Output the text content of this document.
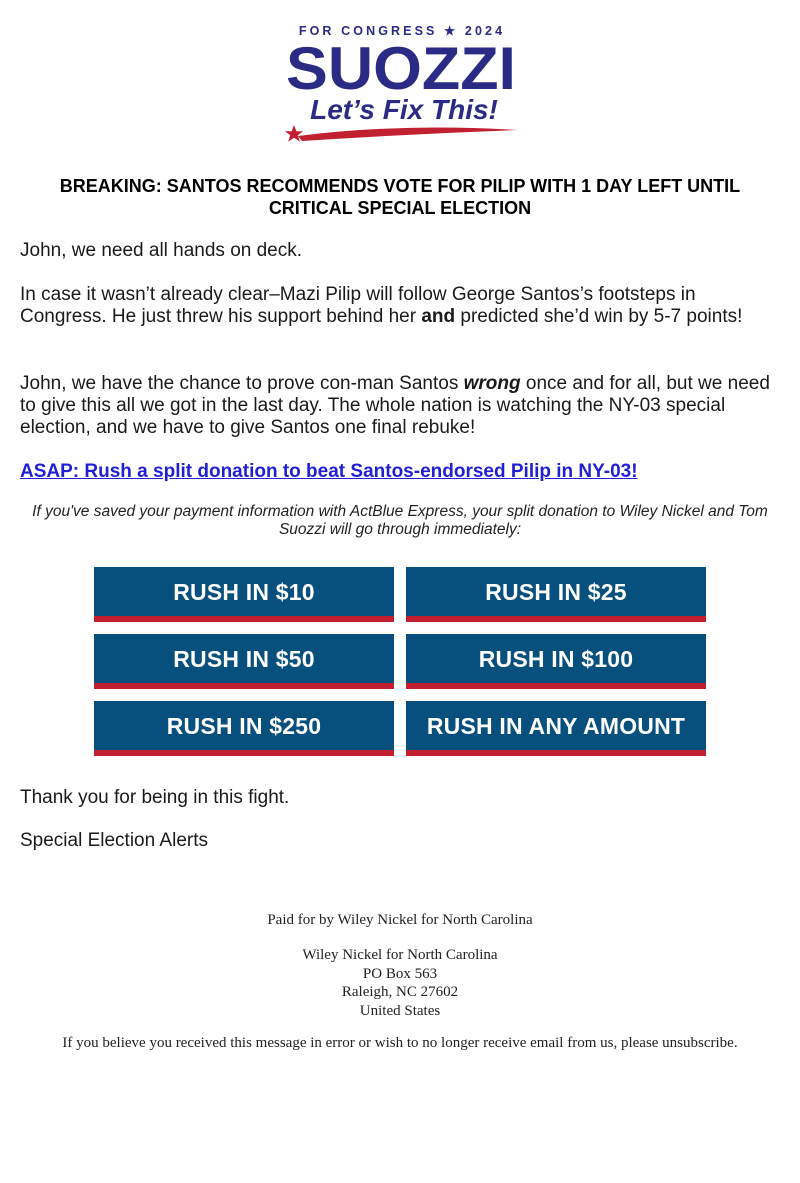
FOR CONGRESS ★ 2024
SUOZZI
Let’s Fix This!
BREAKING: SANTOS RECOMMENDS VOTE FOR PILIP WITH 1 DAY LEFT UNTIL CRITICAL SPECIAL ELECTION

John, we need all hands on deck.

In case it wasn’t already clear–Mazi Pilip will follow George Santos’s footsteps in Congress. He just threw his support behind her and predicted she’d win by 5-7 points!

John, we have the chance to prove con-man Santos wrong once and for all, but we need to give this all we got in the last day. The whole nation is watching the NY-03 special election, and we have to give Santos one final rebuke!

ASAP: Rush a split donation to beat Santos-endorsed Pilip in NY-03!

If you've saved your payment information with ActBlue Express, your split donation to Wiley Nickel and Tom Suozzi will go through immediately:

RUSH IN $10	RUSH IN $25
RUSH IN $50	RUSH IN $100
RUSH IN $250	RUSH IN ANY AMOUNT

Thank you for being in this fight.

Special Election Alerts

Paid for by Wiley Nickel for North Carolina

Wiley Nickel for North Carolina
PO Box 563
Raleigh, NC 27602
United States

If you believe you received this message in error or wish to no longer receive email from us, please unsubscribe.
